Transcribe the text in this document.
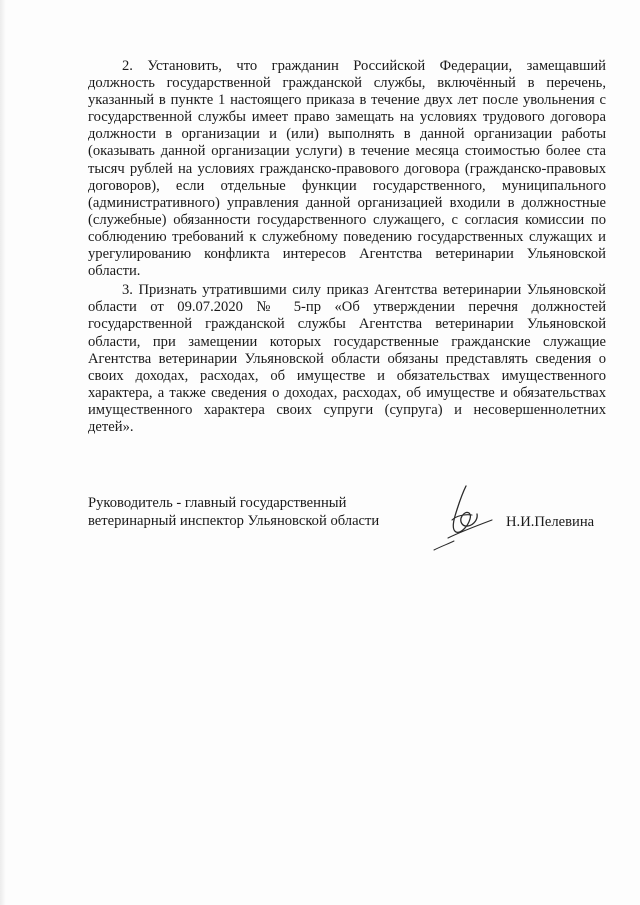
2. Установить, что гражданин Российской Федерации, замещавший должность государственной гражданской службы, включённый в перечень, указанный в пункте 1 настоящего приказа в течение двух лет после увольнения с государственной службы имеет право замещать на условиях трудового договора должности в организации и (или) выполнять в данной организации работы (оказывать данной организации услуги) в течение месяца стоимостью более ста тысяч рублей на условиях гражданско-правового договора (гражданско-правовых договоров), если отдельные функции государственного, муниципального (административного) управления данной организацией входили в должностные (служебные) обязанности государственного служащего, с согласия комиссии по соблюдению требований к служебному поведению государственных служащих и урегулированию конфликта интересов Агентства ветеринарии Ульяновской области.

3. Признать утратившими силу приказ Агентства ветеринарии Ульяновской области от 09.07.2020 № 5-пр «Об утверждении перечня должностей государственной гражданской службы Агентства ветеринарии Ульяновской области, при замещении которых государственные гражданские служащие Агентства ветеринарии Ульяновской области обязаны представлять сведения о своих доходах, расходах, об имуществе и обязательствах имущественного характера, а также сведения о доходах, расходах, об имуществе и обязательствах имущественного характера своих супруги (супруга) и несовершеннолетних детей».

Руководитель - главный государственный
ветеринарный инспектор Ульяновской области	Н.И.Пелевина
